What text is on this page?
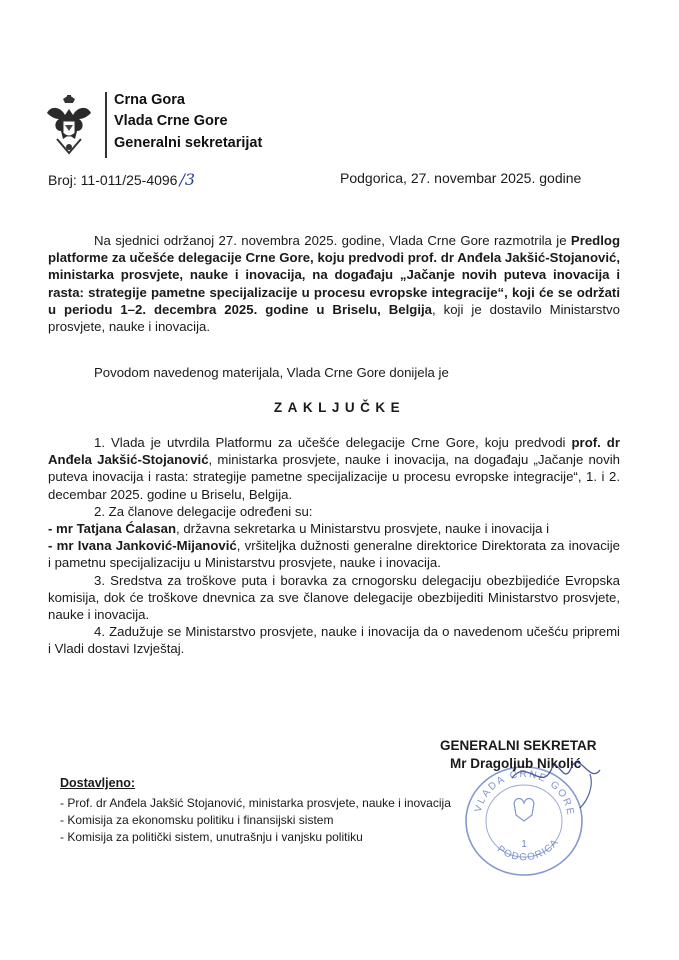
Crna Gora
Vlada Crne Gore
Generalni sekretarijat
Broj: 11-011/25-4096 /3	Podgorica, 27. novembar 2025. godine
Na sjednici održanoj 27. novembra 2025. godine, Vlada Crne Gore razmotrila je Predlog platforme za učešće delegacije Crne Gore, koju predvodi prof. dr Anđela Jakšić-Stojanović, ministarka prosvjete, nauke i inovacija, na događaju „Jačanje novih puteva inovacija i rasta: strategije pametne specijalizacije u procesu evropske integracije“, koji će se održati u periodu 1–2. decembra 2025. godine u Briselu, Belgija, koji je dostavilo Ministarstvo prosvjete, nauke i inovacija.
Povodom navedenog materijala, Vlada Crne Gore donijela je
ZAKLJUČKE

1. Vlada je utvrdila Platformu za učešće delegacije Crne Gore, koju predvodi prof. dr Anđela Jakšić-Stojanović, ministarka prosvjete, nauke i inovacija, na događaju „Jačanje novih puteva inovacija i rasta: strategije pametne specijalizacije u procesu evropske integracije“, 1. i 2. decembar 2025. godine u Briselu, Belgija.

2. Za članove delegacije određeni su:

- mr Tatjana Ćalasan, državna sekretarka u Ministarstvu prosvjete, nauke i inovacija i

- mr Ivana Janković-Mijanović, vršiteljka dužnosti generalne direktorice Direktorata za inovacije i pametnu specijalizaciju u Ministarstvu prosvjete, nauke i inovacija.

3. Sredstva za troškove puta i boravka za crnogorsku delegaciju obezbijediće Evropska komisija, dok će troškove dnevnica za sve članove delegacije obezbijediti Ministarstvo prosvjete, nauke i inovacija.

4. Zadužuje se Ministarstvo prosvjete, nauke i inovacija da o navedenom učešću pripremi i Vladi dostavi Izvještaj.

VLADA CRNE GORE
1
PODGORICA
GENERALNI SEKRETAR
Mr Dragoljub Nikolić
Dostavljeno:
- Prof. dr Anđela Jakšić Stojanović, ministarka prosvjete, nauke i inovacija
- Komisija za ekonomsku politiku i finansijski sistem
- Komisija za politički sistem, unutrašnju i vanjsku politiku
